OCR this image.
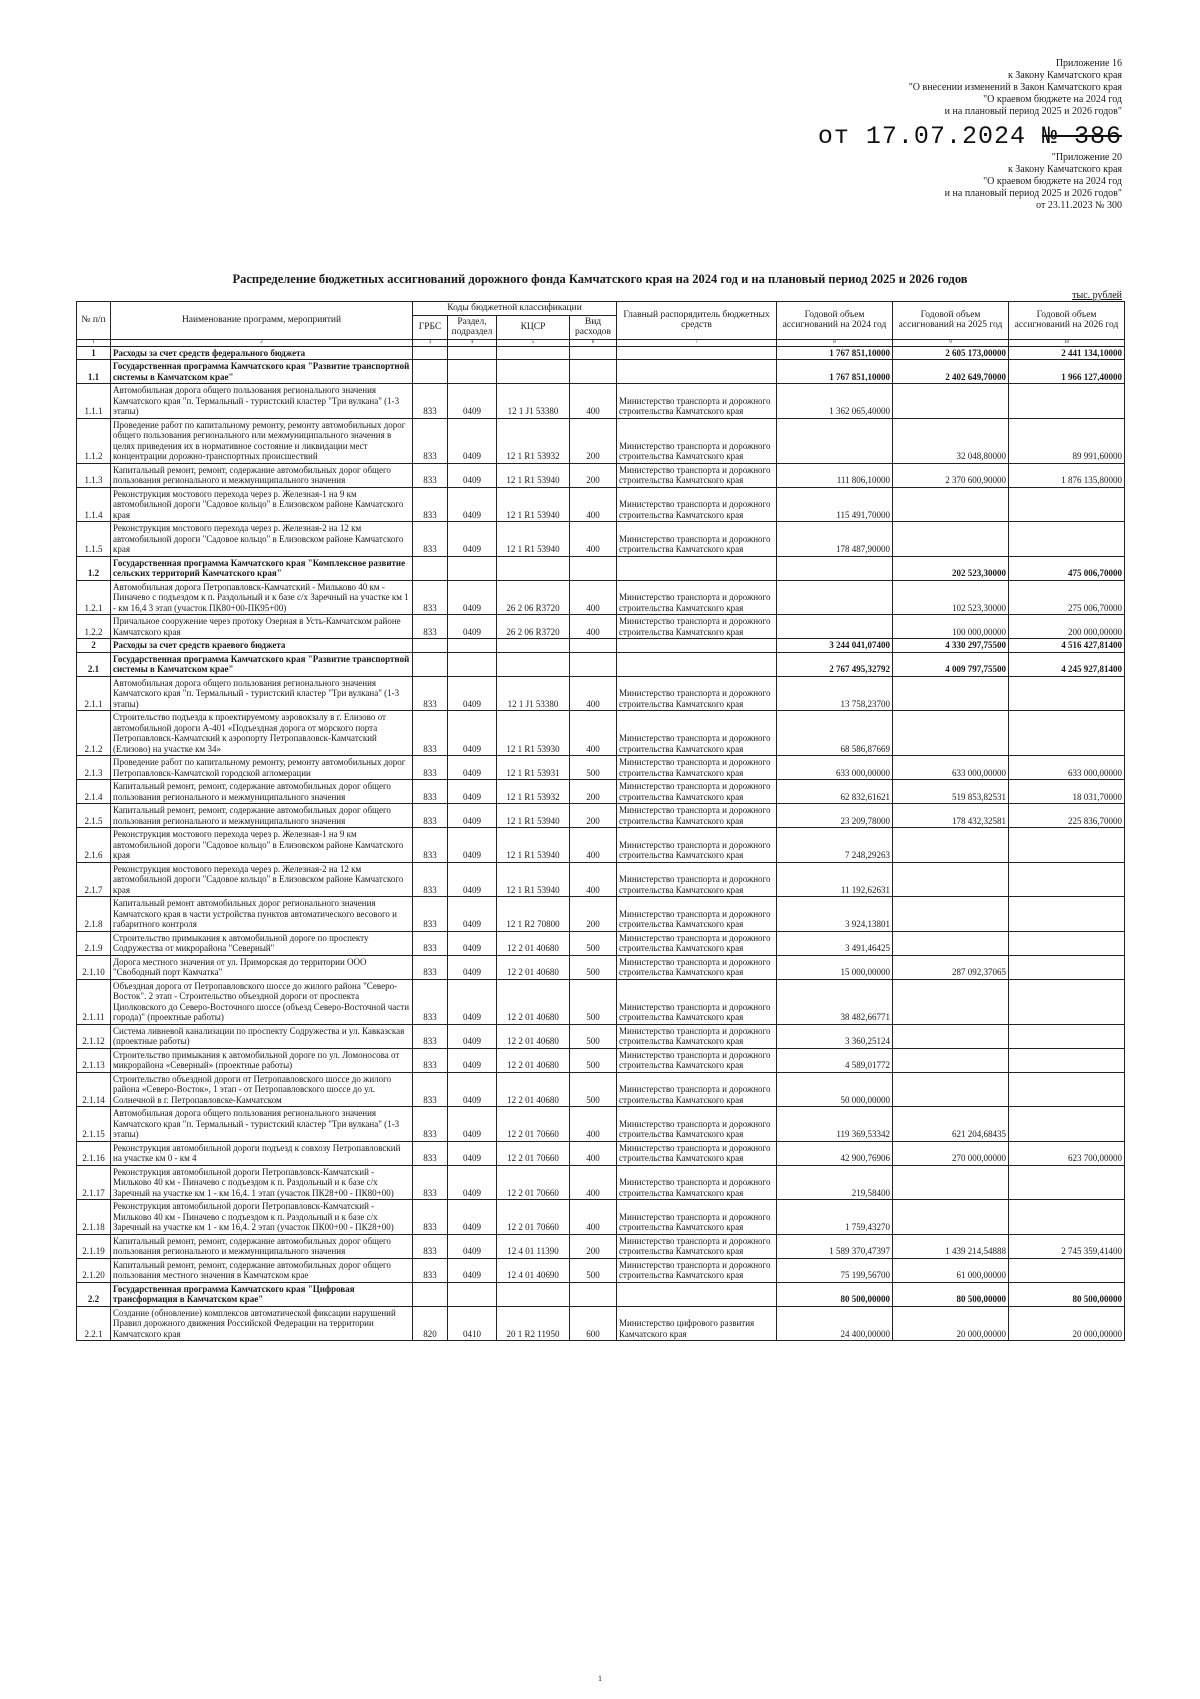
Приложение 16
к Закону Камчатского края
"О внесении изменений в Закон Камчатского края
"О краевом бюджете на 2024 год
и на плановый период 2025 и 2026 годов"
от 17.07.2024 № 386
"Приложение 20
к Закону Камчатского края
"О краевом бюджете на 2024 год
и на плановый период 2025 и 2026 годов"
от 23.11.2023 № 300
Распределение бюджетных ассигнований дорожного фонда Камчатского края на 2024 год и на плановый период 2025 и 2026 годов
тыс. рублей
№ п/п	Наименование программ, мероприятий	Коды бюджетной классификации				Главный распорядитель бюджетных средств	Годовой объем ассигнований на 2024 год	Годовой объем ассигнований на 2025 год	Годовой объем ассигнований на 2026 год
		ГРБС	Раздел, подраздел	КЦСР	Вид расходов				
1	2	3	4	5	6	7	8	9	10
1	Расходы за счет средств федерального бюджета						1 767 851,10000	2 605 173,00000	2 441 134,10000
1.1	Государственная программа Камчатского края "Развитие транспортной системы в Камчатском крае"						1 767 851,10000	2 402 649,70000	1 966 127,40000
1.1.1	Автомобильная дорога общего пользования регионального значения Камчатского края "п. Термальный - туристский кластер "Три вулкана" (1-3 этапы)	833	0409	12 1 J1 53380	400	Министерство транспорта и дорожного строительства Камчатского края	1 362 065,40000		
1.1.2	Проведение работ по капитальному ремонту, ремонту автомобильных дорог общего пользования регионального или межмуниципального значения в целях приведения их в нормативное состояние и ликвидации мест концентрации дорожно-транспортных происшествий	833	0409	12 1 R1 53932	200	Министерство транспорта и дорожного строительства Камчатского края		32 048,80000	89 991,60000
1.1.3	Капитальный ремонт, ремонт, содержание автомобильных дорог общего пользования регионального и межмуниципального значения	833	0409	12 1 R1 53940	200	Министерство транспорта и дорожного строительства Камчатского края	111 806,10000	2 370 600,90000	1 876 135,80000
1.1.4	Реконструкция мостового перехода через р. Железная-1 на 9 км автомобильной дороги "Садовое кольцо" в Елизовском районе Камчатского края	833	0409	12 1 R1 53940	400	Министерство транспорта и дорожного строительства Камчатского края	115 491,70000		
1.1.5	Реконструкция мостового перехода через р. Железная-2 на 12 км автомобильной дороги "Садовое кольцо" в Елизовском районе Камчатского края	833	0409	12 1 R1 53940	400	Министерство транспорта и дорожного строительства Камчатского края	178 487,90000		
1.2	Государственная программа Камчатского края "Комплексное развитие сельских территорий Камчатского края"							202 523,30000	475 006,70000
1.2.1	Автомобильная дорога Петропавловск-Камчатский - Мильково 40 км - Пиначево с подъездом к п. Раздольный и к базе с/х Заречный на участке км 1 - км 16,4 3 этап (участок ПК80+00-ПК95+00)	833	0409	26 2 06 R3720	400	Министерство транспорта и дорожного строительства Камчатского края		102 523,30000	275 006,70000
1.2.2	Причальное сооружение через протоку Озерная в Усть-Камчатском районе Камчатского края	833	0409	26 2 06 R3720	400	Министерство транспорта и дорожного строительства Камчатского края		100 000,00000	200 000,00000
2	Расходы за счет средств краевого бюджета						3 244 041,07400	4 330 297,75500	4 516 427,81400
2.1	Государственная программа Камчатского края "Развитие транспортной системы в Камчатском крае"						2 767 495,32792	4 009 797,75500	4 245 927,81400
2.1.1	Автомобильная дорога общего пользования регионального значения Камчатского края "п. Термальный - туристский кластер "Три вулкана" (1-3 этапы)	833	0409	12 1 J1 53380	400	Министерство транспорта и дорожного строительства Камчатского края	13 758,23700		
2.1.2	Строительство подъезда к проектируемому аэровокзалу в г. Елизово от автомобильной дороги А-401 «Подъездная дорога от морского порта Петропавловск-Камчатский к аэропорту Петропавловск-Камчатский (Елизово) на участке км 34»	833	0409	12 1 R1 53930	400	Министерство транспорта и дорожного строительства Камчатского края	68 586,87669		
2.1.3	Проведение работ по капитальному ремонту, ремонту автомобильных дорог Петропавловск-Камчатской городской агломерации	833	0409	12 1 R1 53931	500	Министерство транспорта и дорожного строительства Камчатского края	633 000,00000	633 000,00000	633 000,00000
2.1.4	Капитальный ремонт, ремонт, содержание автомобильных дорог общего пользования регионального и межмуниципального значения	833	0409	12 1 R1 53932	200	Министерство транспорта и дорожного строительства Камчатского края	62 832,61621	519 853,82531	18 031,70000
2.1.5	Капитальный ремонт, ремонт, содержание автомобильных дорог общего пользования регионального и межмуниципального значения	833	0409	12 1 R1 53940	200	Министерство транспорта и дорожного строительства Камчатского края	23 209,78000	178 432,32581	225 836,70000
2.1.6	Реконструкция мостового перехода через р. Железная-1 на 9 км автомобильной дороги "Садовое кольцо" в Елизовском районе Камчатского края	833	0409	12 1 R1 53940	400	Министерство транспорта и дорожного строительства Камчатского края	7 248,29263		
2.1.7	Реконструкция мостового перехода через р. Железная-2 на 12 км автомобильной дороги "Садовое кольцо" в Елизовском районе Камчатского края	833	0409	12 1 R1 53940	400	Министерство транспорта и дорожного строительства Камчатского края	11 192,62631		
2.1.8	Капитальный ремонт автомобильных дорог регионального значения Камчатского края в части устройства пунктов автоматического весового и габаритного контроля	833	0409	12 1 R2 70800	200	Министерство транспорта и дорожного строительства Камчатского края	3 924,13801		
2.1.9	Строительство примыкания к автомобильной дороге по проспекту Содружества от микрорайона "Северный"	833	0409	12 2 01 40680	500	Министерство транспорта и дорожного строительства Камчатского края	3 491,46425		
2.1.10	Дорога местного значения от ул. Приморская до территории ООО "Свободный порт Камчатка"	833	0409	12 2 01 40680	500	Министерство транспорта и дорожного строительства Камчатского края	15 000,00000	287 092,37065	
2.1.11	Объездная дорога от Петропавловского шоссе до жилого района "Северо-Восток". 2 этап - Строительство объездной дороги от проспекта Циолковского до Северо-Восточного шоссе (объезд Северо-Восточной части города)" (проектные работы)	833	0409	12 2 01 40680	500	Министерство транспорта и дорожного строительства Камчатского края	38 482,66771		
2.1.12	Система ливневой канализации по проспекту Содружества и ул. Кавказская (проектные работы)	833	0409	12 2 01 40680	500	Министерство транспорта и дорожного строительства Камчатского края	3 360,25124		
2.1.13	Строительство примыкания к автомобильной дороге по ул. Ломоносова от микрорайона «Северный» (проектные работы)	833	0409	12 2 01 40680	500	Министерство транспорта и дорожного строительства Камчатского края	4 589,01772		
2.1.14	Строительство объездной дороги от Петропавловского шоссе до жилого района «Северо-Восток», 1 этап - от Петропавловского шоссе до ул. Солнечной в г. Петропавловске-Камчатском	833	0409	12 2 01 40680	500	Министерство транспорта и дорожного строительства Камчатского края	50 000,00000		
2.1.15	Автомобильная дорога общего пользования регионального значения Камчатского края "п. Термальный - туристский кластер "Три вулкана" (1-3 этапы)	833	0409	12 2 01 70660	400	Министерство транспорта и дорожного строительства Камчатского края	119 369,53342	621 204,68435	
2.1.16	Реконструкция автомобильной дороги подъезд к совхозу Петропавловский на участке км 0 - км 4	833	0409	12 2 01 70660	400	Министерство транспорта и дорожного строительства Камчатского края	42 900,76906	270 000,00000	623 700,00000
2.1.17	Реконструкция автомобильной дороги Петропавловск-Камчатский - Мильково 40 км - Пиначево с подъездом к п. Раздольный и к базе с/х Заречный на участке км 1 - км 16,4. 1 этап (участок ПК28+00 - ПК80+00)	833	0409	12 2 01 70660	400	Министерство транспорта и дорожного строительства Камчатского края	219,58400		
2.1.18	Реконструкция автомобильной дороги Петропавловск-Камчатский - Мильково 40 км - Пиначево с подъездом к п. Раздольный и к базе с/х Заречный на участке км 1 - км 16,4. 2 этап (участок ПК00+00 - ПК28+00)	833	0409	12 2 01 70660	400	Министерство транспорта и дорожного строительства Камчатского края	1 759,43270		
2.1.19	Капитальный ремонт, ремонт, содержание автомобильных дорог общего пользования регионального и межмуниципального значения	833	0409	12 4 01 11390	200	Министерство транспорта и дорожного строительства Камчатского края	1 589 370,47397	1 439 214,54888	2 745 359,41400
2.1.20	Капитальный ремонт, ремонт, содержание автомобильных дорог общего пользования местного значения в Камчатском крае	833	0409	12 4 01 40690	500	Министерство транспорта и дорожного строительства Камчатского края	75 199,56700	61 000,00000	
2.2	Государственная программа Камчатского края "Цифровая трансформация в Камчатском крае"						80 500,00000	80 500,00000	80 500,00000
2.2.1	Создание (обновление) комплексов автоматической фиксации нарушений Правил дорожного движения Российской Федерации на территории Камчатского края	820	0410	20 1 R2 11950	600	Министерство цифрового развития Камчатского края	24 400,00000	20 000,00000	20 000,00000
1
